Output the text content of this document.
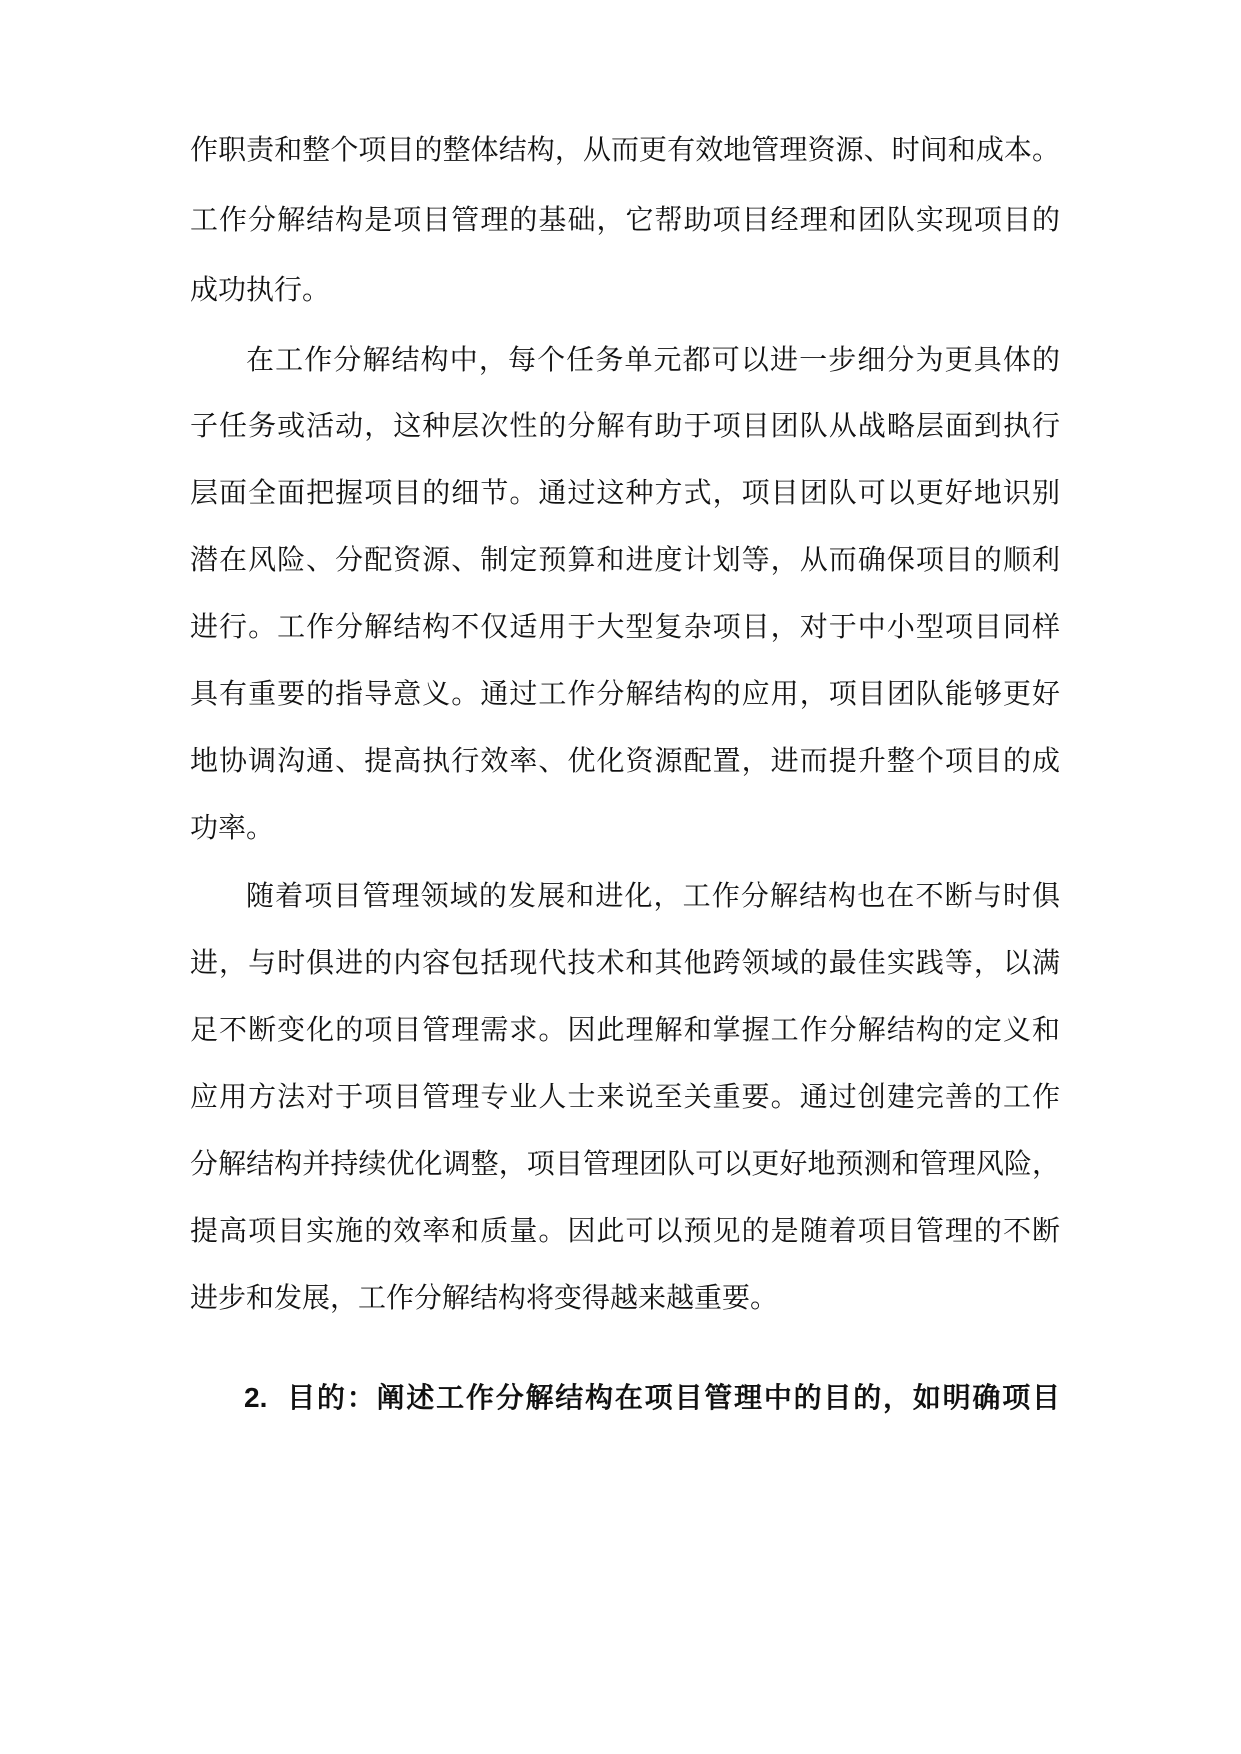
作职责和整个项目的整体结构，从而更有效地管理资源、时间和成本。
工作分解结构是项目管理的基础，它帮助项目经理和团队实现项目的
成功执行。
在工作分解结构中，每个任务单元都可以进一步细分为更具体的
子任务或活动，这种层次性的分解有助于项目团队从战略层面到执行
层面全面把握项目的细节。通过这种方式，项目团队可以更好地识别
潜在风险、分配资源、制定预算和进度计划等，从而确保项目的顺利
进行。工作分解结构不仅适用于大型复杂项目，对于中小型项目同样
具有重要的指导意义。通过工作分解结构的应用，项目团队能够更好
地协调沟通、提高执行效率、优化资源配置，进而提升整个项目的成
功率。
随着项目管理领域的发展和进化，工作分解结构也在不断与时俱
进，与时俱进的内容包括现代技术和其他跨领域的最佳实践等，以满
足不断变化的项目管理需求。因此理解和掌握工作分解结构的定义和
应用方法对于项目管理专业人士来说至关重要。通过创建完善的工作
分解结构并持续优化调整，项目管理团队可以更好地预测和管理风险，
提高项目实施的效率和质量。因此可以预见的是随着项目管理的不断
进步和发展，工作分解结构将变得越来越重要。
2. 目的：阐述工作分解结构在项目管理中的目的，如明确项目
